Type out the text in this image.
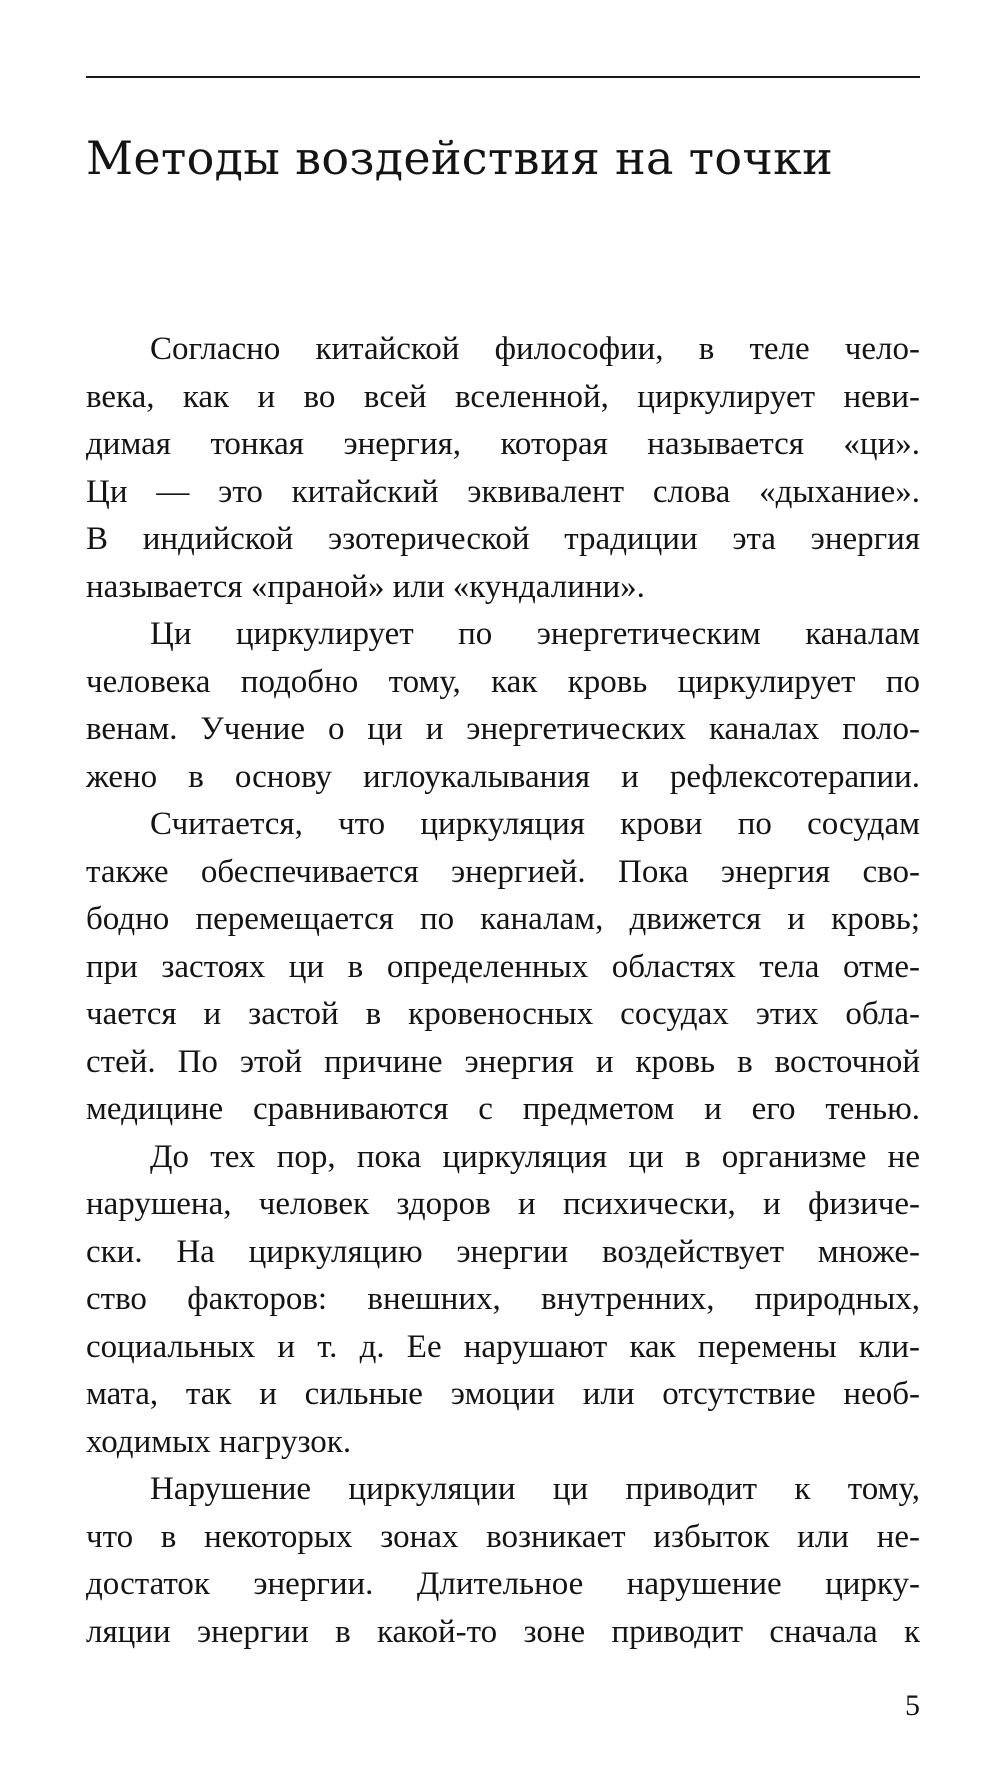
Методы воздействия на точки
Согласно китайской философии, в теле чело-
века, как и во всей вселенной, циркулирует неви-
димая тонкая энергия, которая называется «ци».
Ци — это китайский эквивалент слова «дыхание».
В индийской эзотерической традиции эта энергия
называется «праной» или «кундалини».
Ци циркулирует по энергетическим каналам
человека подобно тому, как кровь циркулирует по
венам. Учение о ци и энергетических каналах поло-
жено в основу иглоукалывания и рефлексотерапии.
Считается, что циркуляция крови по сосудам
также обеспечивается энергией. Пока энергия сво-
бодно перемещается по каналам, движется и кровь;
при застоях ци в определенных областях тела отме-
чается и застой в кровеносных сосудах этих обла-
стей. По этой причине энергия и кровь в восточной
медицине сравниваются с предметом и его тенью.
До тех пор, пока циркуляция ци в организме не
нарушена, человек здоров и психически, и физиче-
ски. На циркуляцию энергии воздействует множе-
ство факторов: внешних, внутренних, природных,
социальных и т. д. Ее нарушают как перемены кли-
мата, так и сильные эмоции или отсутствие необ-
ходимых нагрузок.
Нарушение циркуляции ци приводит к тому,
что в некоторых зонах возникает избыток или не-
достаток энергии. Длительное нарушение цирку-
ляции энергии в какой-то зоне приводит сначала к
5
